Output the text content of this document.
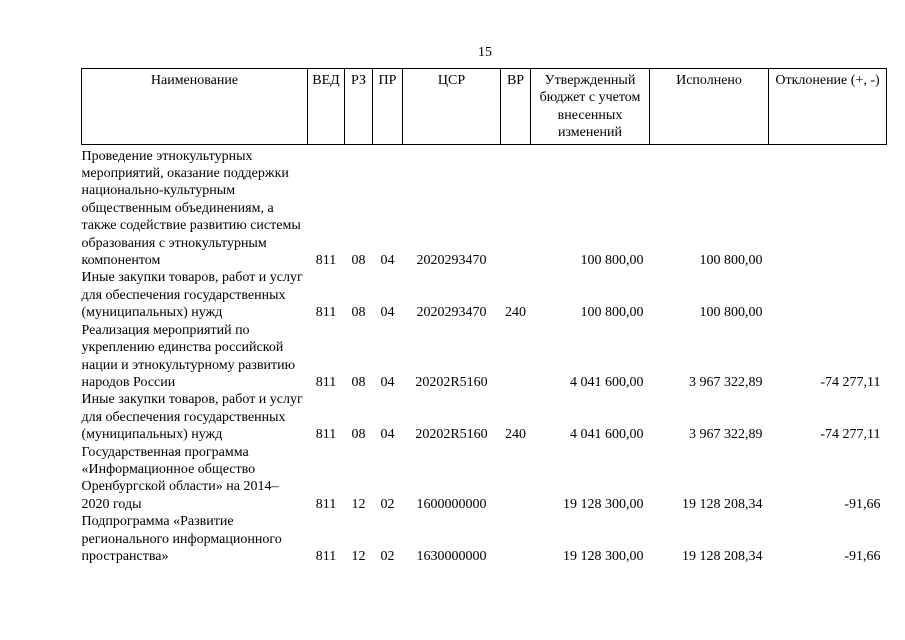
15
Наименование	ВЕД	РЗ	ПР	ЦСР	ВР	Утвержденный бюджет с учетом внесенных изменений	Исполнено	Отклонение (+, -)
Проведение этнокультурных мероприятий, оказание поддержки национально-культурным общественным объединениям, а также содействие развитию системы образования с этнокультурным компонентом	811	08	04	2020293470		100 800,00	100 800,00	
Иные закупки товаров, работ и услуг для обеспечения государственных (муниципальных) нужд	811	08	04	2020293470	240	100 800,00	100 800,00	
Реализация мероприятий по укреплению единства российской нации и этнокультурному развитию народов России	811	08	04	20202R5160		4 041 600,00	3 967 322,89	-74 277,11
Иные закупки товаров, работ и услуг для обеспечения государственных (муниципальных) нужд	811	08	04	20202R5160	240	4 041 600,00	3 967 322,89	-74 277,11
Государственная программа «Информационное общество Оренбургской области» на 2014–2020 годы	811	12	02	1600000000		19 128 300,00	19 128 208,34	-91,66
Подпрограмма «Развитие регионального информационного пространства»	811	12	02	1630000000		19 128 300,00	19 128 208,34	-91,66
